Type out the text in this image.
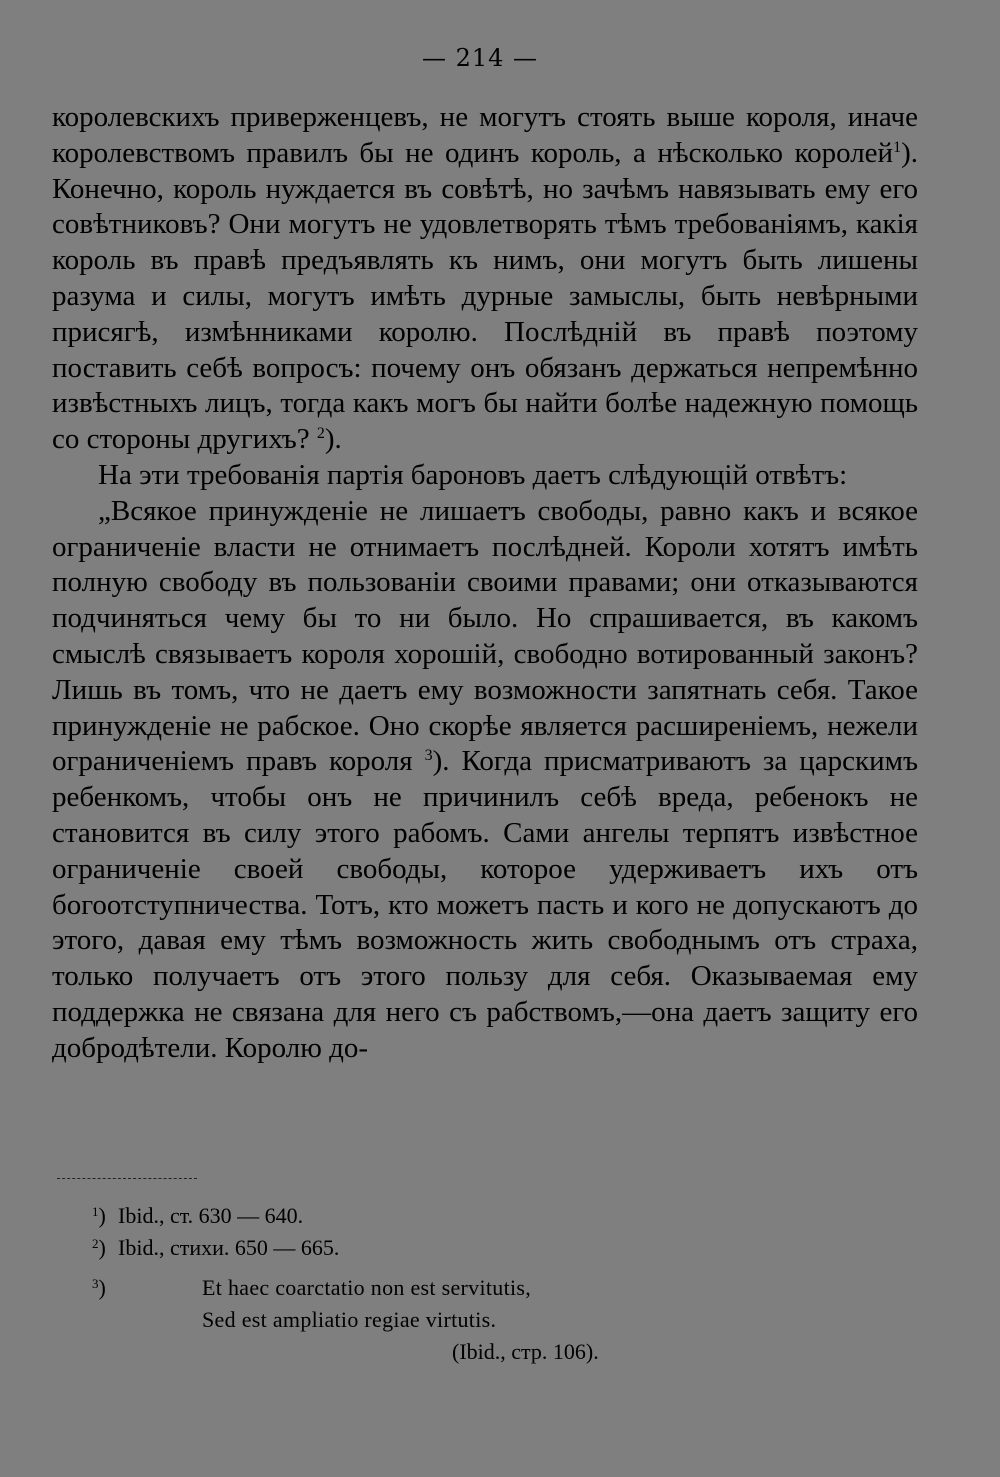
— 214 —

королевскихъ приверженцевъ, не могутъ стоять выше короля, иначе королевствомъ правилъ бы не одинъ король, а нѣсколько королей$^1$). Конечно, король нуждается въ совѣтѣ, но зачѣмъ навязывать ему его совѣтниковъ? Они могутъ не удовлетворять тѣмъ требованiямъ, какiя король въ правѣ предъявлять къ нимъ, они могутъ быть лишены разума и силы, могутъ имѣть дурные замыслы, быть невѣрными присягѣ, измѣнниками королю. Послѣднiй въ правѣ поэтому поставить себѣ вопросъ: почему онъ обязанъ держаться непремѣнно извѣстныхъ лицъ, тогда какъ могъ бы найти болѣе надежную помощь со стороны другихъ? $^2$).

На эти требованiя партiя бароновъ даетъ слѣдующiй отвѣтъ:

„Всякое принужденiе не лишаетъ свободы, равно какъ и всякое ограниченiе власти не отнимаетъ послѣдней. Короли хотятъ имѣть полную свободу въ пользованiи своими правами; они отказываются подчиняться чему бы то ни было. Но спрашивается, въ какомъ смыслѣ связываетъ короля хорошiй, свободно вотированный законъ? Лишь въ томъ, что не даетъ ему возможности запятнать себя. Такое принужденiе не рабское. Оно скорѣе является расширенiемъ, нежели ограниченiемъ правъ короля $^3$). Когда присматриваютъ за царскимъ ребенкомъ, чтобы онъ не причинилъ себѣ вреда, ребенокъ не становится въ силу этого рабомъ. Сами ангелы терпятъ извѣстное ограниченiе своей свободы, которое удерживаетъ ихъ отъ богоотступничества. Тотъ, кто можетъ пасть и кого не допускаютъ до этого, давая ему тѣмъ возможность жить свободнымъ отъ страха, только получаетъ отъ этого пользу для себя. Оказываемая ему поддержка не связана для него съ рабствомъ,—она даетъ защиту его добродѣтели. Королю до-

$^1$) Ibid., ст. 630 — 640.
$^2$) Ibid., стихи. 650 — 665.
$^3$)	Et haec coarctatio non est servitutis,
Sed est ampliatio regiae virtutis.
(Ibid., стр. 106).
